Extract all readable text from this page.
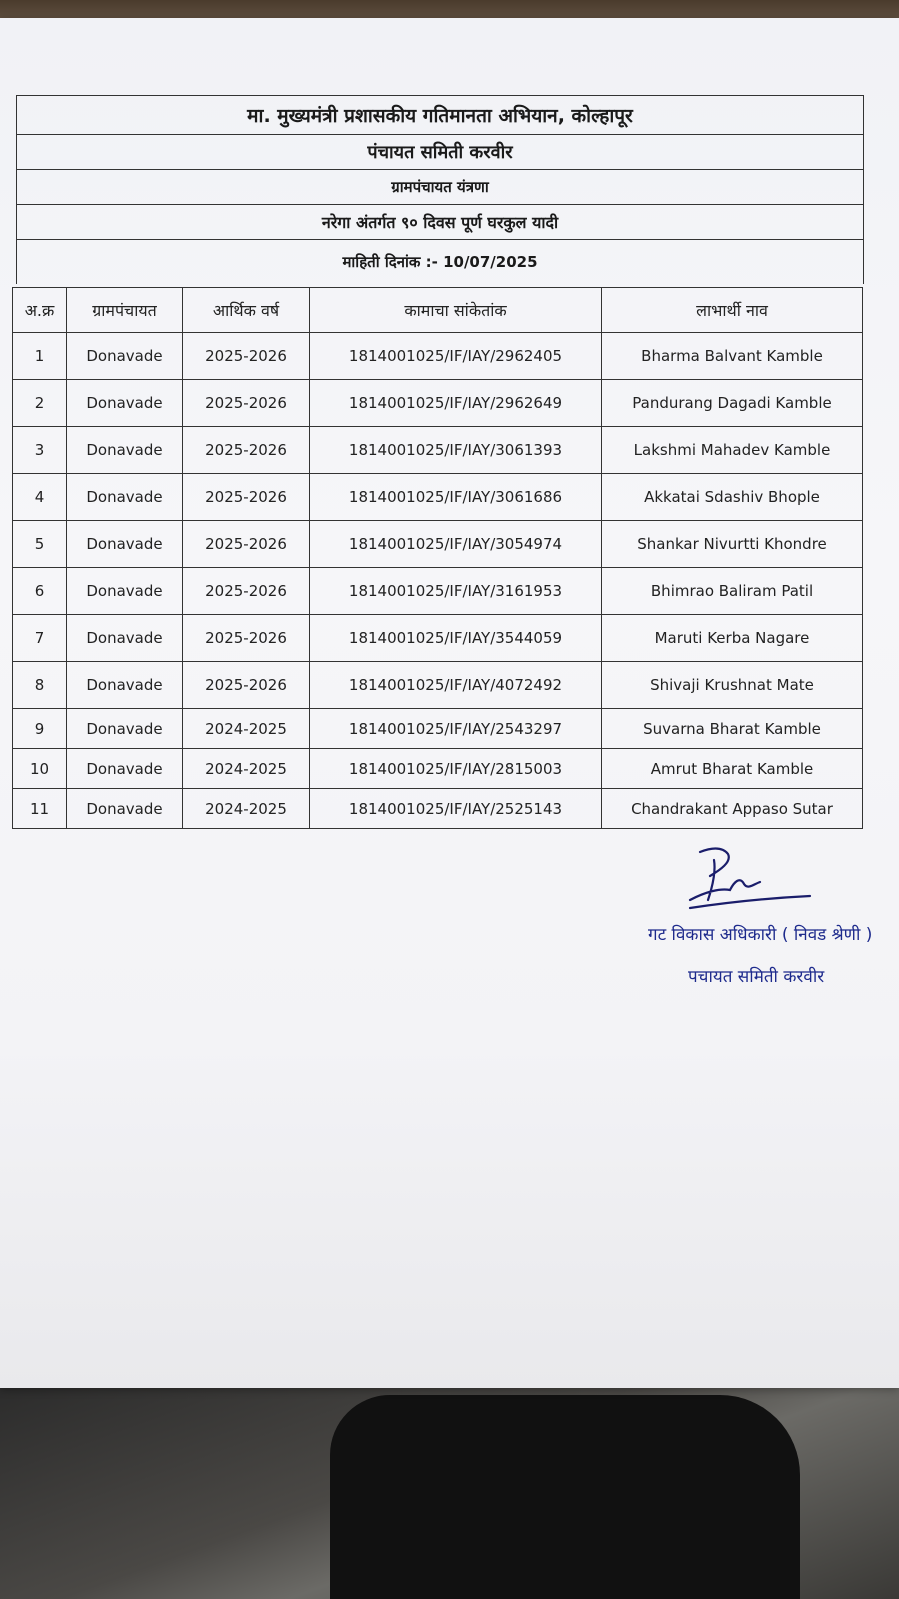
मा. मुख्यमंत्री प्रशासकीय गतिमानता अभियान, कोल्हापूर
पंचायत समिती करवीर
ग्रामपंचायत यंत्रणा
नरेगा अंतर्गत ९० दिवस पूर्ण घरकुल यादी
माहिती दिनांक :- 10/07/2025
अ.क्र	ग्रामपंचायत	आर्थिक वर्ष	कामाचा सांकेतांक	लाभार्थी नाव
1	Donavade	2025-2026	1814001025/IF/IAY/2962405	Bharma Balvant Kamble
2	Donavade	2025-2026	1814001025/IF/IAY/2962649	Pandurang Dagadi Kamble
3	Donavade	2025-2026	1814001025/IF/IAY/3061393	Lakshmi Mahadev Kamble
4	Donavade	2025-2026	1814001025/IF/IAY/3061686	Akkatai Sdashiv Bhople
5	Donavade	2025-2026	1814001025/IF/IAY/3054974	Shankar Nivurtti Khondre
6	Donavade	2025-2026	1814001025/IF/IAY/3161953	Bhimrao Baliram Patil
7	Donavade	2025-2026	1814001025/IF/IAY/3544059	Maruti Kerba Nagare
8	Donavade	2025-2026	1814001025/IF/IAY/4072492	Shivaji Krushnat Mate
9	Donavade	2024-2025	1814001025/IF/IAY/2543297	Suvarna Bharat Kamble
10	Donavade	2024-2025	1814001025/IF/IAY/2815003	Amrut Bharat Kamble
11	Donavade	2024-2025	1814001025/IF/IAY/2525143	Chandrakant Appaso Sutar
गट विकास अधिकारी ( निवड श्रेणी )
पचायत समिती करवीर
